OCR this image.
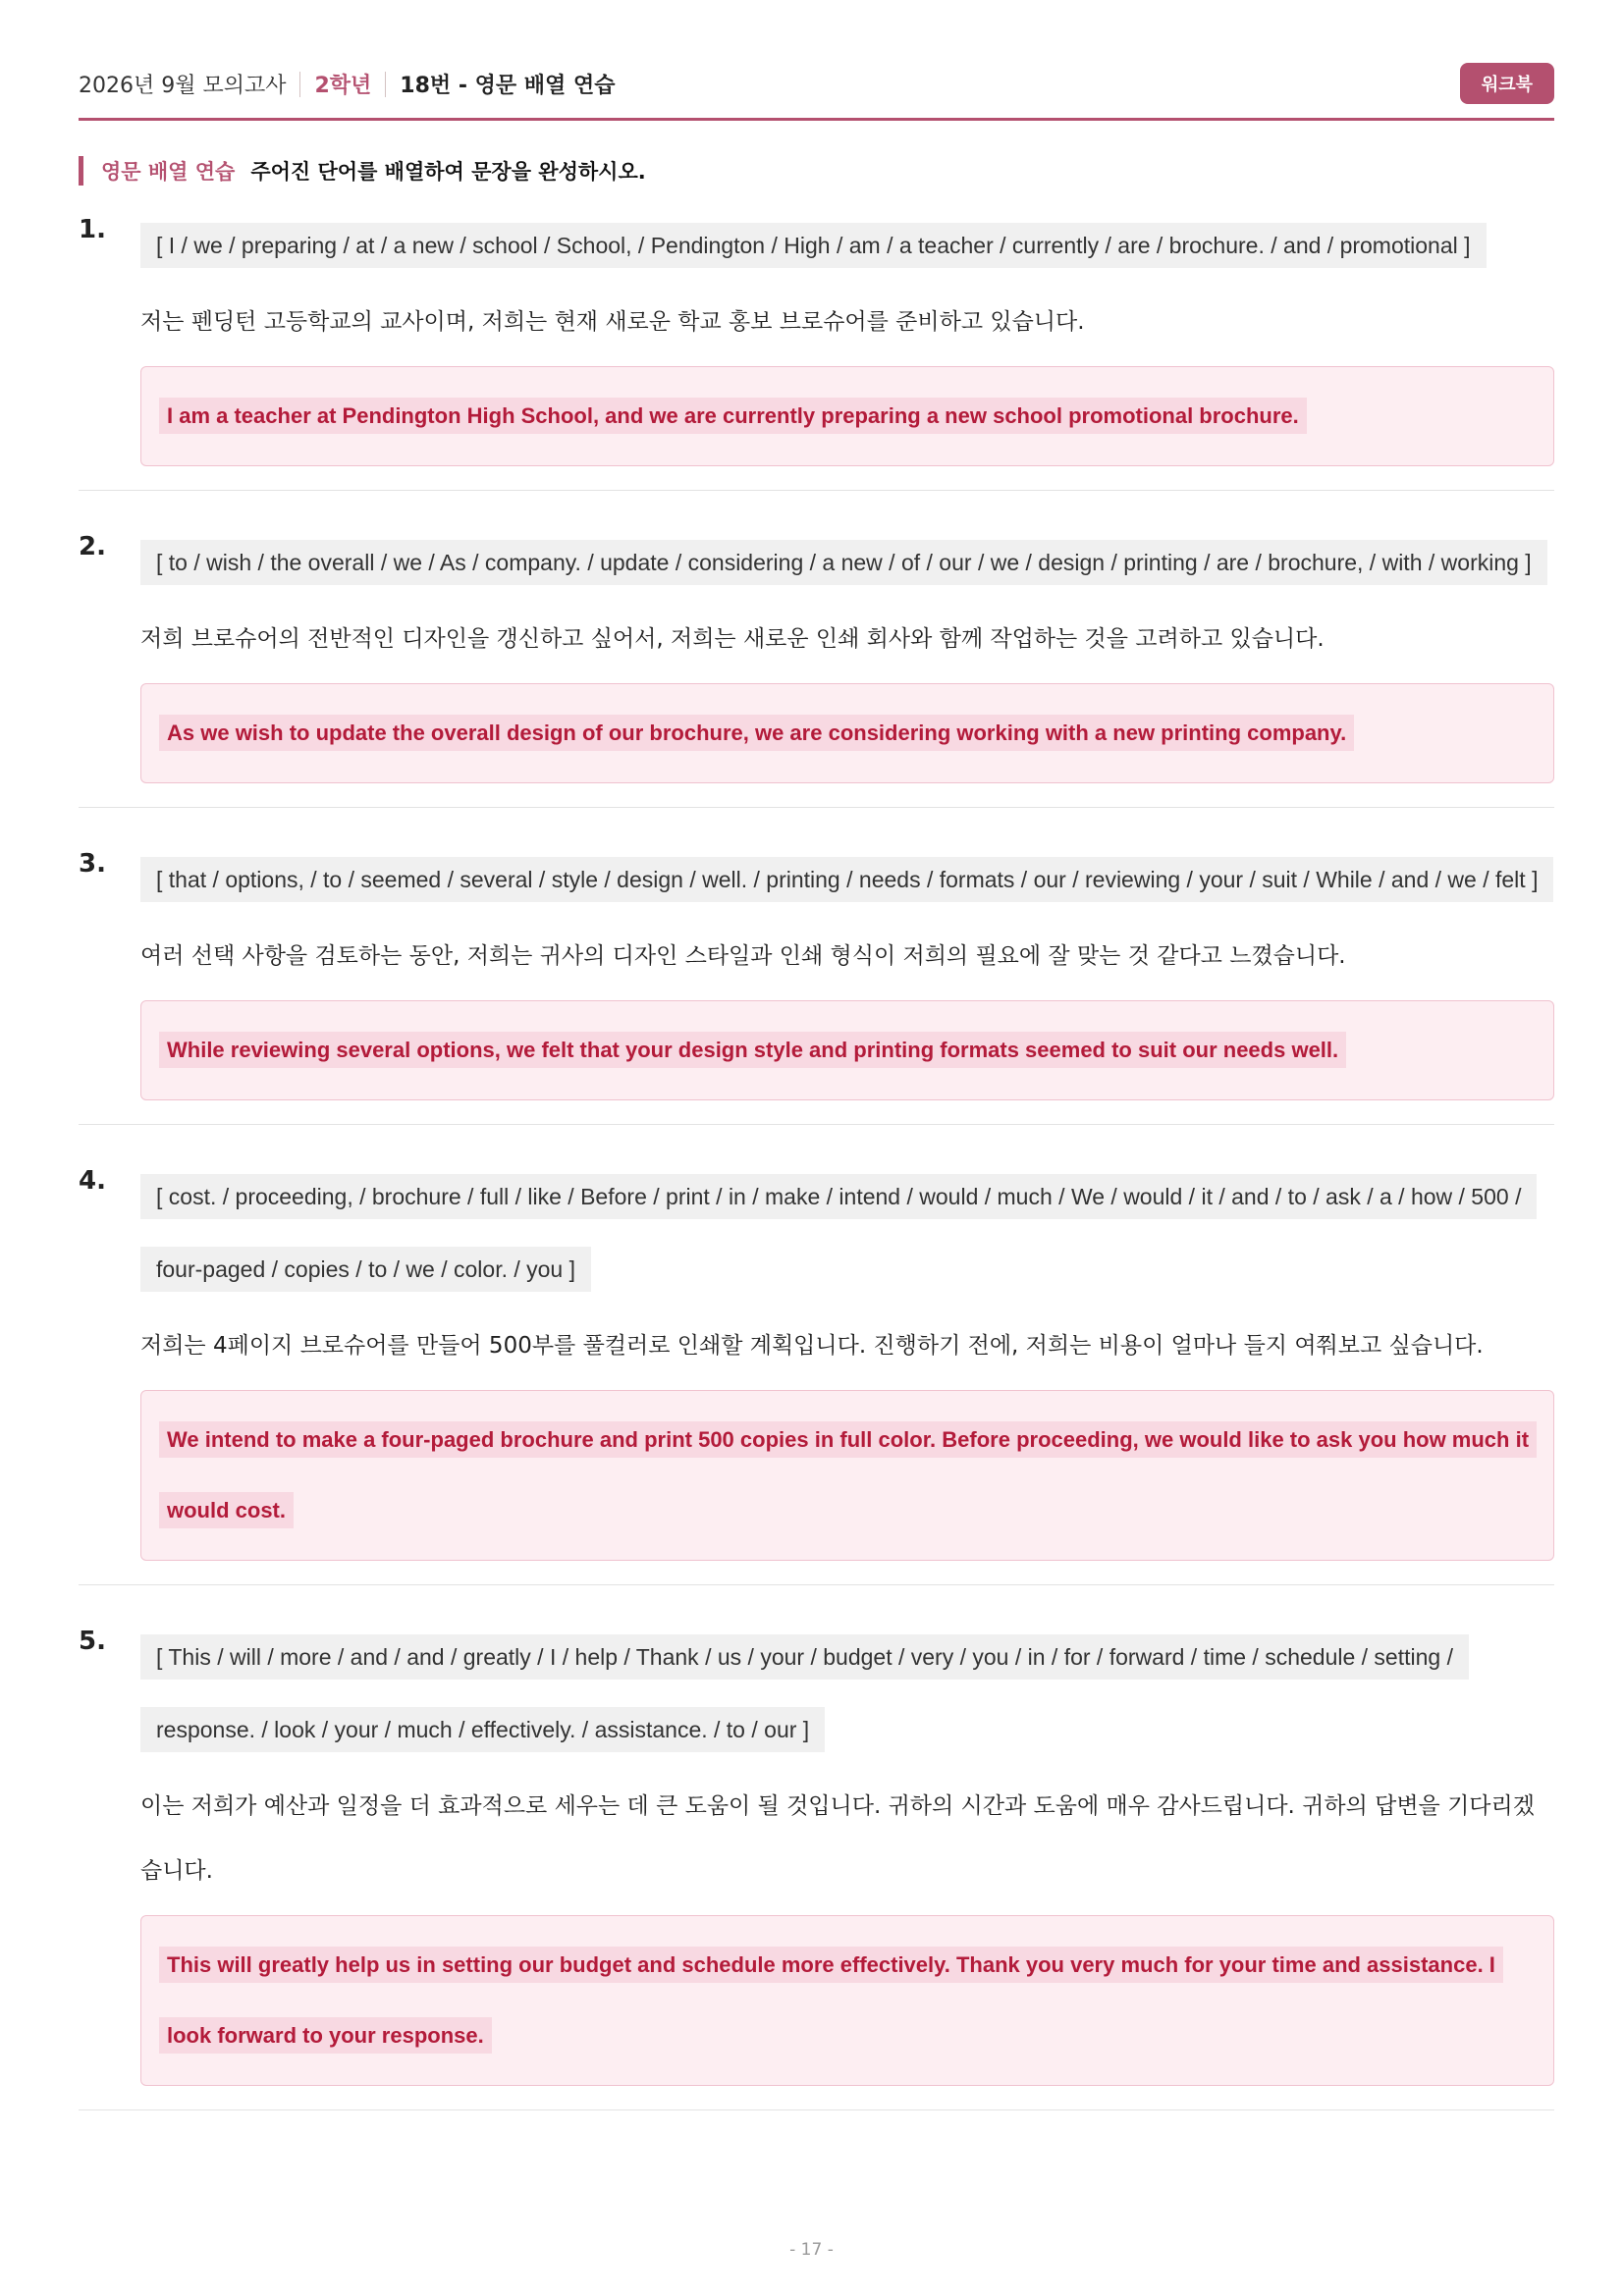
2026년 9월 모의고사 2학년 18번 - 영문 배열 연습	워크북
영문 배열 연습 주어진 단어를 배열하여 문장을 완성하시오.
1.
[ I / we / preparing / at / a new / school / School, / Pendington / High / am / a teacher / currently / are / brochure. / and / promotional ]
저는 펜딩턴 고등학교의 교사이며, 저희는 현재 새로운 학교 홍보 브로슈어를 준비하고 있습니다.
I am a teacher at Pendington High School, and we are currently preparing a new school promotional brochure.
2.
[ to / wish / the overall / we / As / company. / update / considering / a new / of / our / we / design / printing / are / brochure, / with / working ]
저희 브로슈어의 전반적인 디자인을 갱신하고 싶어서, 저희는 새로운 인쇄 회사와 함께 작업하는 것을 고려하고 있습니다.
As we wish to update the overall design of our brochure, we are considering working with a new printing company.
3.
[ that / options, / to / seemed / several / style / design / well. / printing / needs / formats / our / reviewing / your / suit / While / and / we / felt ]
여러 선택 사항을 검토하는 동안, 저희는 귀사의 디자인 스타일과 인쇄 형식이 저희의 필요에 잘 맞는 것 같다고 느꼈습니다.
While reviewing several options, we felt that your design style and printing formats seemed to suit our needs well.
4.
[ cost. / proceeding, / brochure / full / like / Before / print / in / make / intend / would / much / We / would / it / and / to / ask / a / how / 500 / four-paged / copies / to / we / color. / you ]
저희는 4페이지 브로슈어를 만들어 500부를 풀컬러로 인쇄할 계획입니다. 진행하기 전에, 저희는 비용이 얼마나 들지 여쭤보고 싶습니다.
We intend to make a four-paged brochure and print 500 copies in full color. Before proceeding, we would like to ask you how much it would cost.
5.
[ This / will / more / and / and / greatly / I / help / Thank / us / your / budget / very / you / in / for / forward / time / schedule / setting / response. / look / your / much / effectively. / assistance. / to / our ]
이는 저희가 예산과 일정을 더 효과적으로 세우는 데 큰 도움이 될 것입니다. 귀하의 시간과 도움에 매우 감사드립니다. 귀하의 답변을 기다리겠습니다.
This will greatly help us in setting our budget and schedule more effectively. Thank you very much for your time and assistance. I look forward to your response.
- 17 -
